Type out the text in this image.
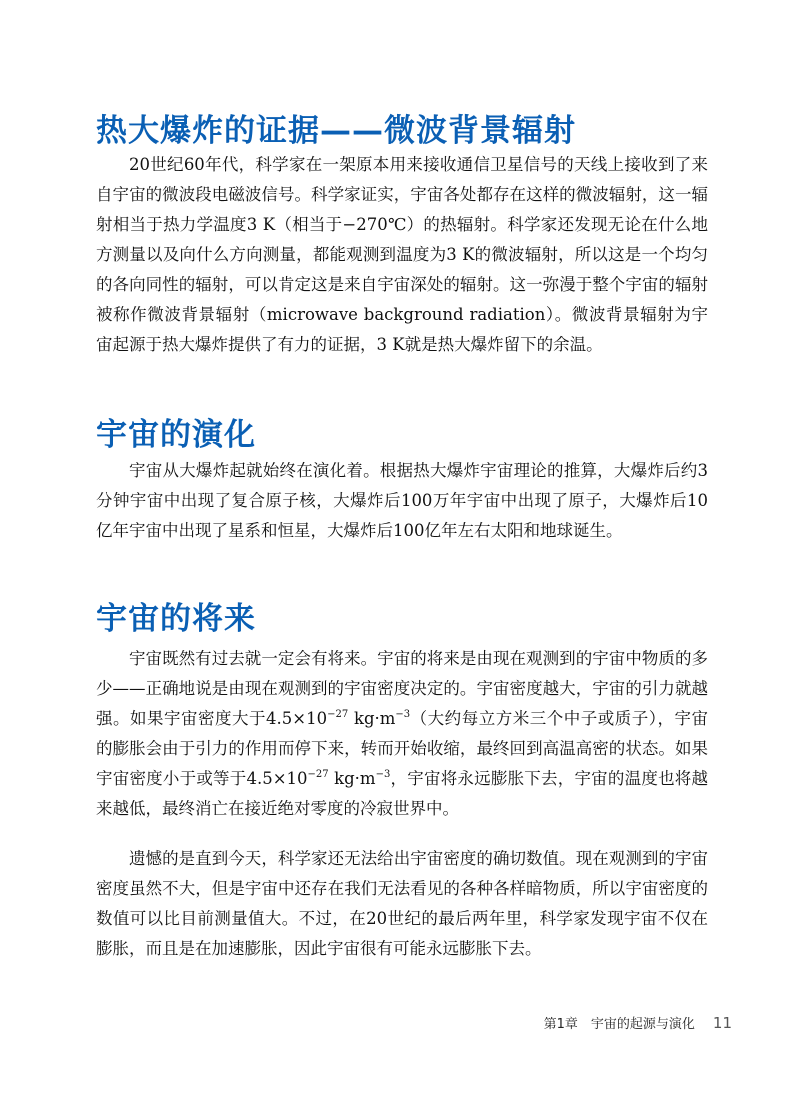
热大爆炸的证据——微波背景辐射

20世纪60年代，科学家在一架原本用来接收通信卫星信号的天线上接收到了来自宇宙的微波段电磁波信号。科学家证实，宇宙各处都存在这样的微波辐射，这一辐射相当于热力学温度3 K（相当于−270℃）的热辐射。科学家还发现无论在什么地方测量以及向什么方向测量，都能观测到温度为3 K的微波辐射，所以这是一个均匀的各向同性的辐射，可以肯定这是来自宇宙深处的辐射。这一弥漫于整个宇宙的辐射被称作微波背景辐射（microwave background radiation）。微波背景辐射为宇宙起源于热大爆炸提供了有力的证据，3 K就是热大爆炸留下的余温。

宇宙的演化

宇宙从大爆炸起就始终在演化着。根据热大爆炸宇宙理论的推算，大爆炸后约3分钟宇宙中出现了复合原子核，大爆炸后100万年宇宙中出现了原子，大爆炸后10亿年宇宙中出现了星系和恒星，大爆炸后100亿年左右太阳和地球诞生。

宇宙的将来

宇宙既然有过去就一定会有将来。宇宙的将来是由现在观测到的宇宙中物质的多少——正确地说是由现在观测到的宇宙密度决定的。宇宙密度越大，宇宙的引力就越强。如果宇宙密度大于$4.5\times 10^{-27}$ $kg\cdot m^{-3}$（大约每立方米三个中子或质子），宇宙的膨胀会由于引力的作用而停下来，转而开始收缩，最终回到高温高密的状态。如果宇宙密度小于或等于$4.5\times 10^{-27}$ $kg\cdot m^{-3}$，宇宙将永远膨胀下去，宇宙的温度也将越来越低，最终消亡在接近绝对零度的冷寂世界中。

遗憾的是直到今天，科学家还无法给出宇宙密度的确切数值。现在观测到的宇宙密度虽然不大，但是宇宙中还存在我们无法看见的各种各样暗物质，所以宇宙密度的数值可以比目前测量值大。不过，在20世纪的最后两年里，科学家发现宇宙不仅在膨胀，而且是在加速膨胀，因此宇宙很有可能永远膨胀下去。

第1章　宇宙的起源与演化 11
